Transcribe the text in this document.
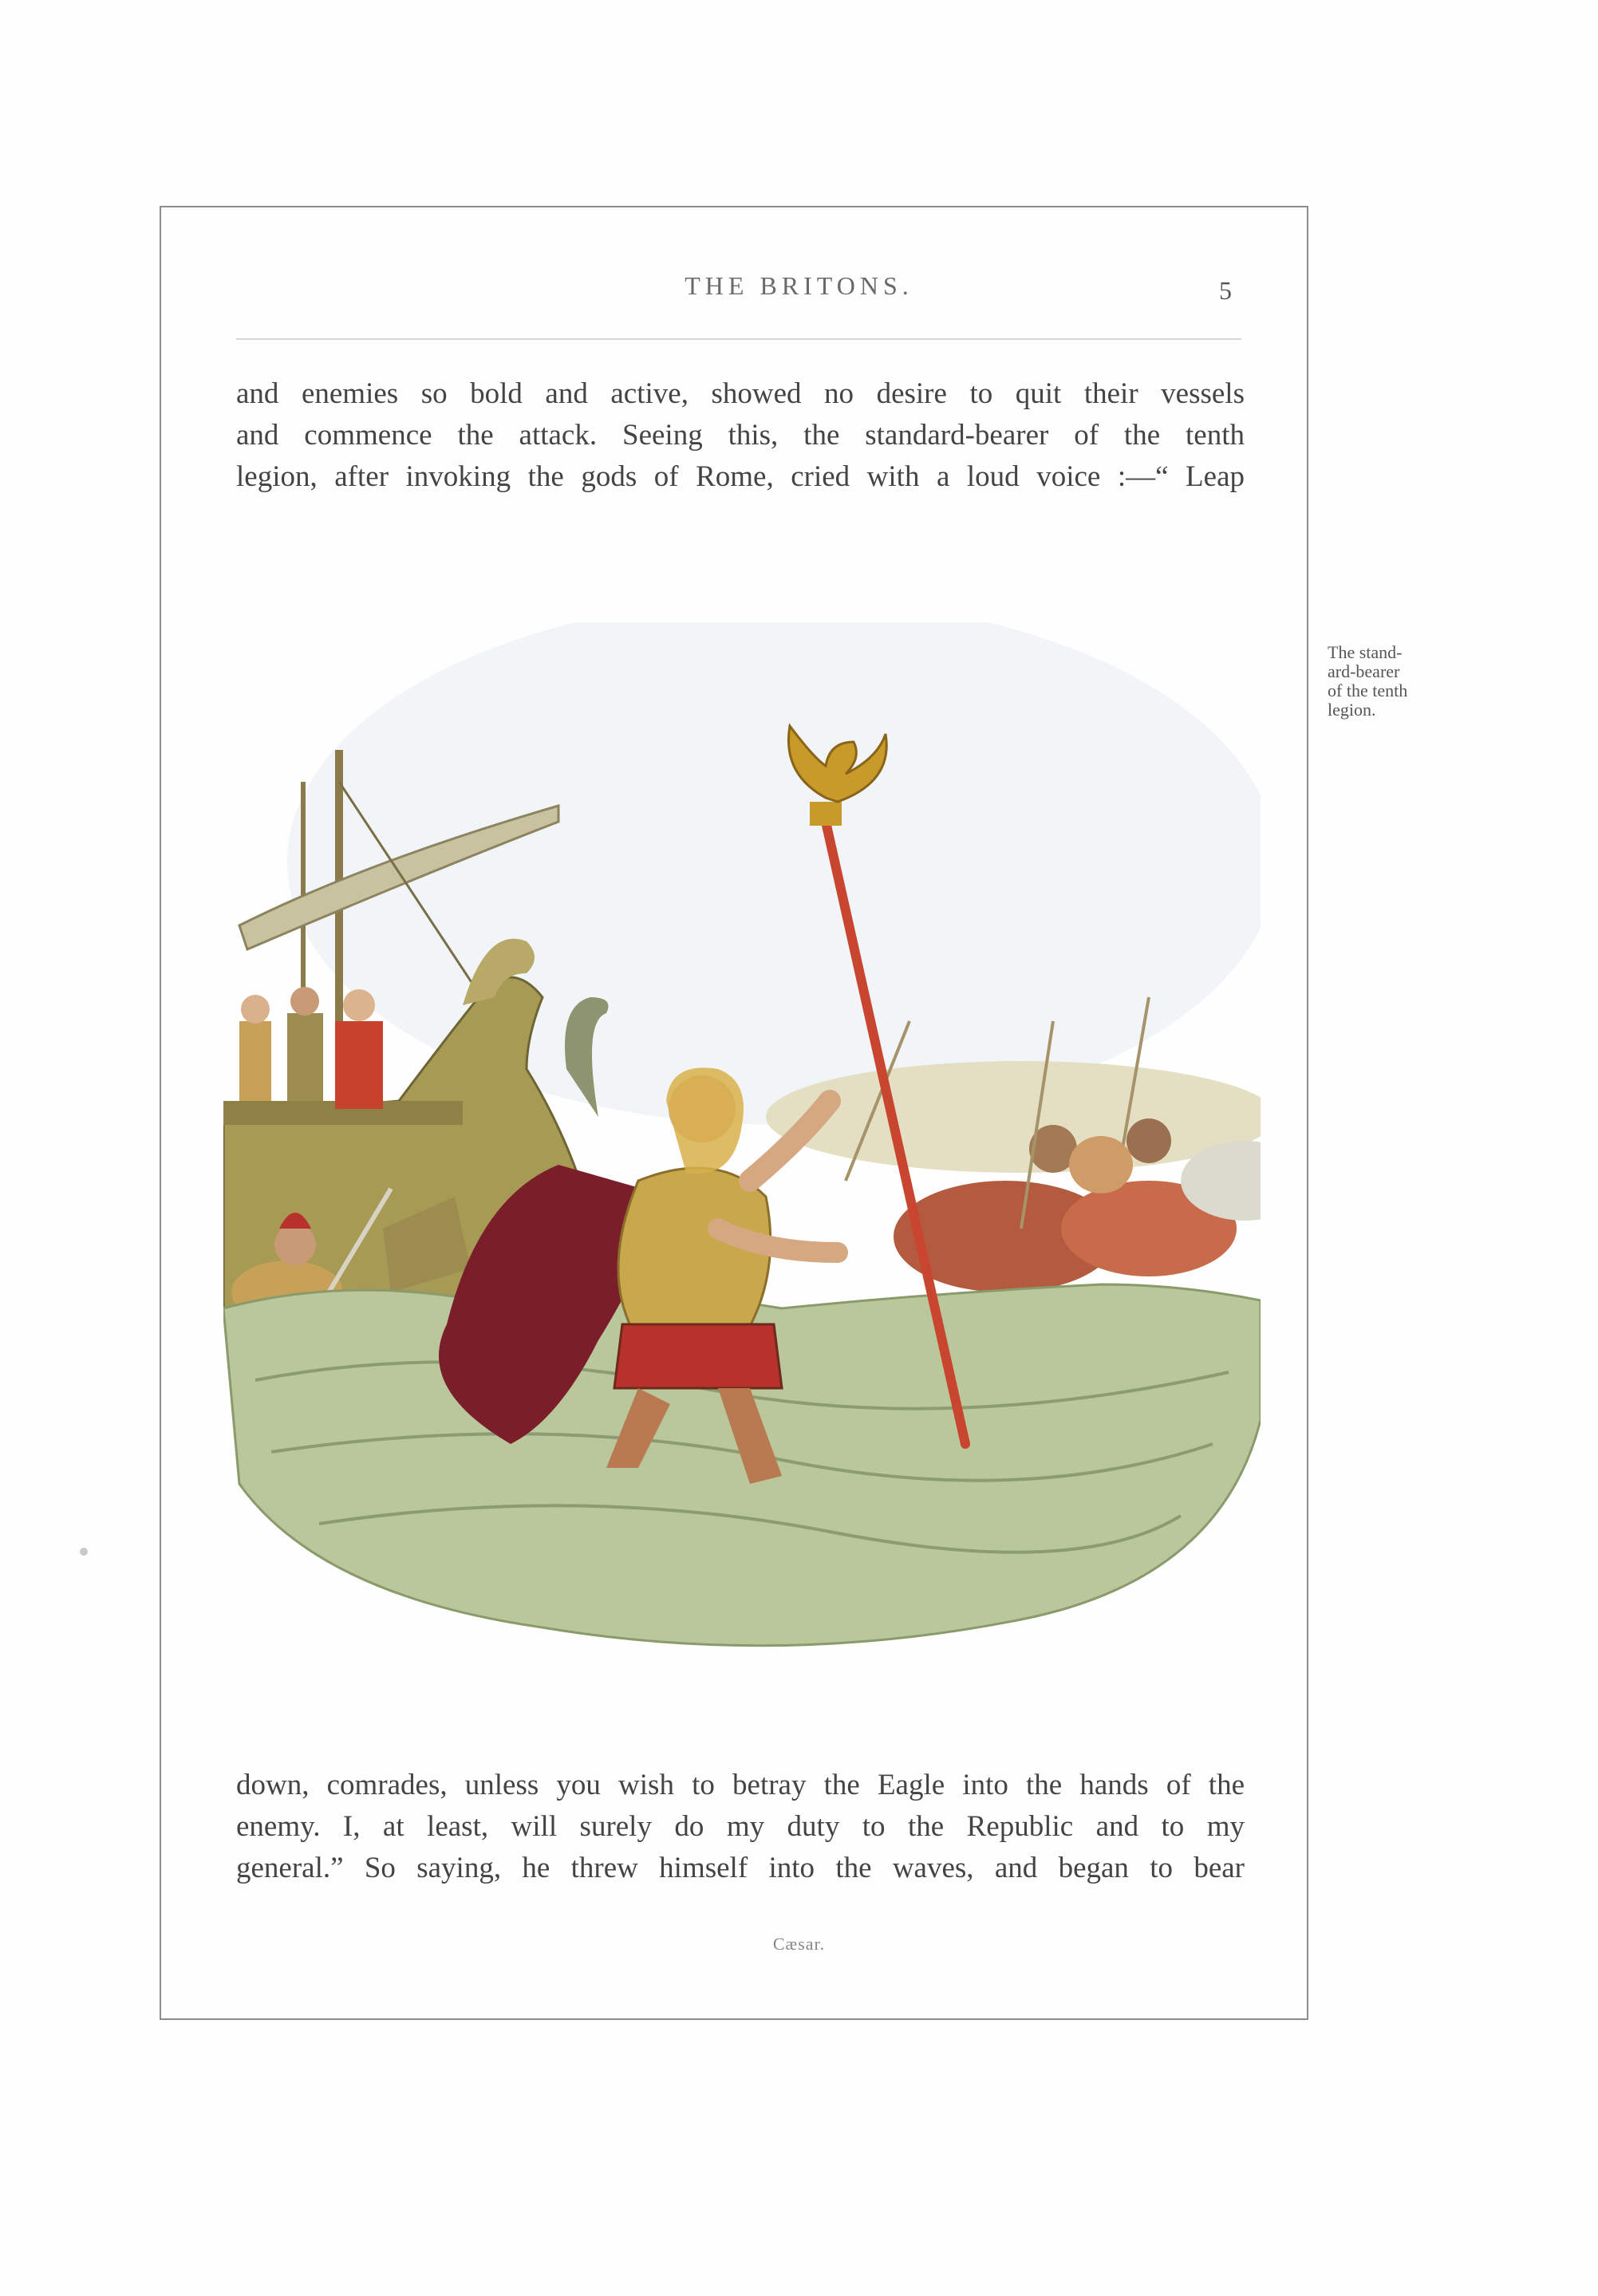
THE BRITONS.	5
and enemies so bold and active, showed no desire to quit their vessels
and commence the attack. Seeing this, the standard-bearer of the tenth
legion, after invoking the gods of Rome, cried with a loud voice :—“ Leap
The stand-
ard-bearer
of the tenth
legion.
down, comrades, unless you wish to betray the Eagle into the hands of the
enemy. I, at least, will surely do my duty to the Republic and to my
general.” So saying, he threw himself into the waves, and began to bear
Cæsar.
